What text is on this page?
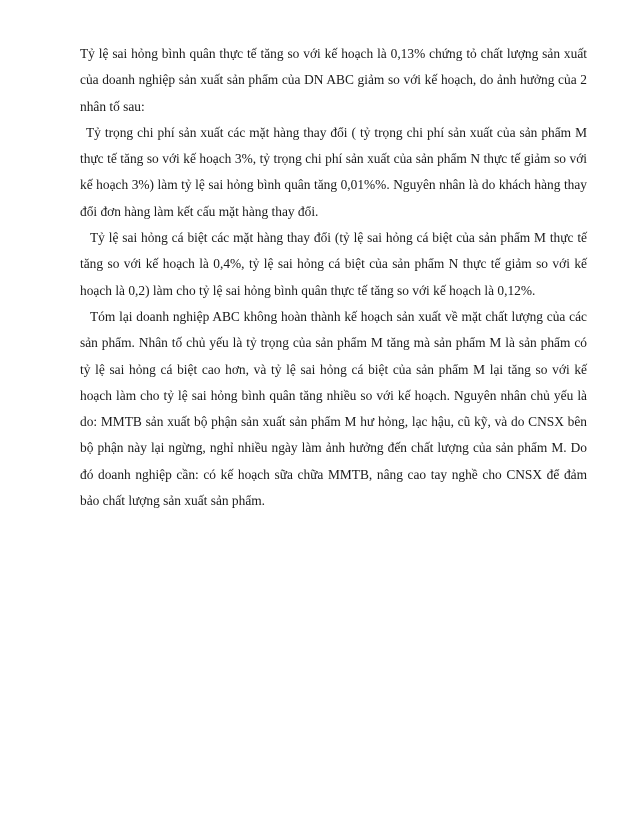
Tỷ lệ sai hỏng bình quân thực tế tăng so với kế hoạch là 0,13% chứng tỏ chất lượng sản xuất của doanh nghiệp sản xuất sản phẩm của DN ABC giảm so với kế hoạch, do ảnh hưởng của 2 nhân tố sau:

Tỷ trọng chi phí sản xuất các mặt hàng thay đổi ( tỷ trọng chi phí sản xuất của sản phẩm M thực tế tăng so với kế hoạch 3%, tỷ trọng chi phí sản xuất của sản phẩm N thực tế giảm so với kế hoạch 3%) làm tỷ lệ sai hỏng bình quân tăng 0,01%%. Nguyên nhân là do khách hàng thay đổi đơn hàng làm kết cấu mặt hàng thay đổi.

Tỷ lệ sai hỏng cá biệt các mặt hàng thay đổi (tỷ lệ sai hỏng cá biệt của sản phẩm M thực tế tăng so với kế hoạch là 0,4%, tỷ lệ sai hỏng cá biệt của sản phẩm N thực tế giảm so với kế hoạch là 0,2) làm cho tỷ lệ sai hỏng bình quân thực tế tăng so với kế hoạch là 0,12%.

Tóm lại doanh nghiệp ABC không hoàn thành kế hoạch sản xuất về mặt chất lượng của các sản phẩm. Nhân tố chủ yếu là tỷ trọng của sản phẩm M tăng mà sản phẩm M là sản phẩm có tỷ lệ sai hỏng cá biệt cao hơn, và tỷ lệ sai hỏng cá biệt của sản phẩm M lại tăng so với kế hoạch làm cho tỷ lệ sai hỏng bình quân tăng nhiều so với kế hoạch. Nguyên nhân chủ yếu là do: MMTB sản xuất bộ phận sản xuất sản phẩm M hư hỏng, lạc hậu, cũ kỹ, và do CNSX bên bộ phận này lại ngừng, nghỉ nhiều ngày làm ảnh hưởng đến chất lượng của sản phẩm M. Do đó doanh nghiệp cần: có kế hoạch sữa chữa MMTB, nâng cao tay nghề cho CNSX để đảm bảo chất lượng sản xuất sản phẩm.
